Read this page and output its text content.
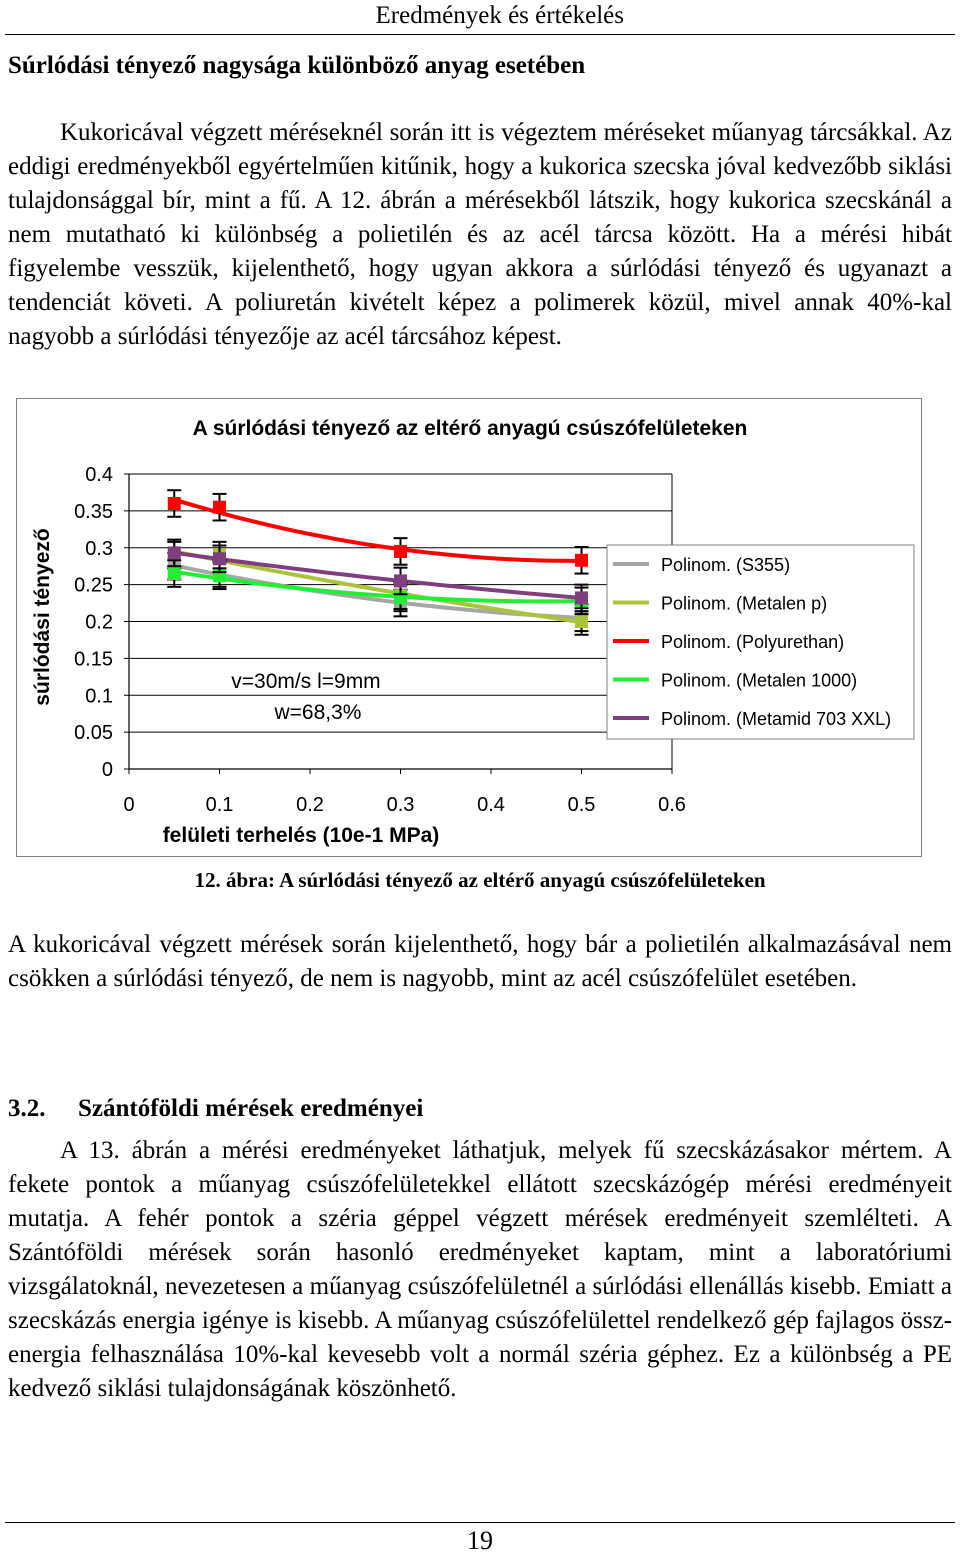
Eredmények és értékelés
Súrlódási tényező nagysága különböző anyag esetében

Kukoricával végzett méréseknél során itt is végeztem méréseket műanyag tárcsákkal. Az eddigi eredményekből egyértelműen kitűnik, hogy a kukorica szecska jóval kedvezőbb siklási tulajdonsággal bír, mint a fű. A 12. ábrán a mérésekből látszik, hogy kukorica szecskánál a nem mutatható ki különbség a polietilén és az acél tárcsa között. Ha a mérési hibát figyelembe vesszük, kijelenthető, hogy ugyan akkora a súrlódási tényező és ugyanazt a tendenciát követi. A poliuretán kivételt képez a polimerek közül, mivel annak 40%-kal nagyobb a súrlódási tényezője az acél tárcsához képest.

A súrlódási tényező az eltérő anyagú csúszófelületeken
súrlódási tényező
felületi terhelés (10e-1 MPa)
v=30m/s l=9mm
w=68,3%
0
0.05
0.1
0.15
0.2
0.25
0.3
0.35
0.4
0	0.1	0.2	0.3	0.4	0.5	0.6
Polinom. (S355)
Polinom. (Metalen p)
Polinom. (Polyurethan)
Polinom. (Metalen 1000)
Polinom. (Metamid 703 XXL)
12. ábra: A súrlódási tényező az eltérő anyagú csúszófelületeken

A kukoricával végzett mérések során kijelenthető, hogy bár a polietilén alkalmazásával nem csökken a súrlódási tényező, de nem is nagyobb, mint az acél csúszófelület esetében.

3.2. Szántóföldi mérések eredményei

A 13. ábrán a mérési eredményeket láthatjuk, melyek fű szecskázásakor mértem. A fekete pontok a műanyag csúszófelületekkel ellátott szecskázógép mérési eredményeit mutatja. A fehér pontok a széria géppel végzett mérések eredményeit szemlélteti. A Szántóföldi mérések során hasonló eredményeket kaptam, mint a laboratóriumi vizsgálatoknál, nevezetesen a műanyag csúszófelületnél a súrlódási ellenállás kisebb. Emiatt a szecskázás energia igénye is kisebb. A műanyag csúszófelülettel rendelkező gép fajlagos össz-energia felhasználása 10%-kal kevesebb volt a normál széria géphez. Ez a különbség a PE kedvező siklási tulajdonságának köszönhető.

19
